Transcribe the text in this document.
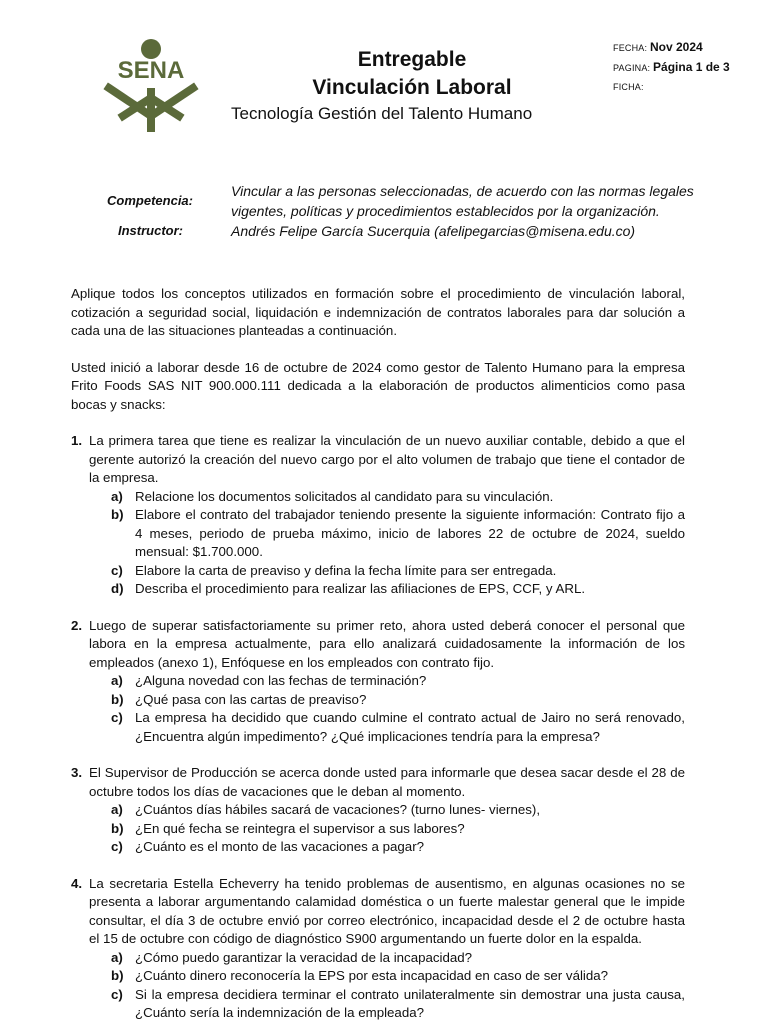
SENA	Entregable
Vinculación Laboral
Tecnología Gestión del Talento Humano
FECHA: Nov 2024
PAGINA: Página 1 de 3
FICHA:
Competencia:
Vincular a las personas seleccionadas, de acuerdo con las normas legales
vigentes, políticas y procedimientos establecidos por la organización.
Instructor:	Andrés Felipe García Sucerquia (afelipegarcias@misena.edu.co)

Aplique todos los conceptos utilizados en formación sobre el procedimiento de vinculación laboral, cotización a seguridad social, liquidación e indemnización de contratos laborales para dar solución a cada una de las situaciones planteadas a continuación.

Usted inició a laborar desde 16 de octubre de 2024 como gestor de Talento Humano para la empresa Frito Foods SAS NIT 900.000.111 dedicada a la elaboración de productos alimenticios como pasa bocas y snacks:

1. La primera tarea que tiene es realizar la vinculación de un nuevo auxiliar contable, debido a que el gerente autorizó la creación del nuevo cargo por el alto volumen de trabajo que tiene el contador de la empresa.

a) Relacione los documentos solicitados al candidato para su vinculación.
b) Elabore el contrato del trabajador teniendo presente la siguiente información: Contrato fijo a 4 meses, periodo de prueba máximo, inicio de labores 22 de octubre de 2024, sueldo mensual: $1.700.000.
c) Elabore la carta de preaviso y defina la fecha límite para ser entregada.
d) Describa el procedimiento para realizar las afiliaciones de EPS, CCF, y ARL.
2. Luego de superar satisfactoriamente su primer reto, ahora usted deberá conocer el personal que labora en la empresa actualmente, para ello analizará cuidadosamente la información de los empleados (anexo 1), Enfóquese en los empleados con contrato fijo.

a) ¿Alguna novedad con las fechas de terminación?
b) ¿Qué pasa con las cartas de preaviso?
c) La empresa ha decidido que cuando culmine el contrato actual de Jairo no será renovado, ¿Encuentra algún impedimento? ¿Qué implicaciones tendría para la empresa?
3. El Supervisor de Producción se acerca donde usted para informarle que desea sacar desde el 28 de octubre todos los días de vacaciones que le deban al momento.

a) ¿Cuántos días hábiles sacará de vacaciones? (turno lunes- viernes),
b) ¿En qué fecha se reintegra el supervisor a sus labores?
c) ¿Cuánto es el monto de las vacaciones a pagar?
4. La secretaria Estella Echeverry ha tenido problemas de ausentismo, en algunas ocasiones no se presenta a laborar argumentando calamidad doméstica o un fuerte malestar general que le impide consultar, el día 3 de octubre envió por correo electrónico, incapacidad desde el 2 de octubre hasta el 15 de octubre con código de diagnóstico S900 argumentando un fuerte dolor en la espalda.

a) ¿Cómo puedo garantizar la veracidad de la incapacidad?
b) ¿Cuánto dinero reconocería la EPS por esta incapacidad en caso de ser válida?
c) Si la empresa decidiera terminar el contrato unilateralmente sin demostrar una justa causa, ¿Cuánto sería la indemnización de la empleada?
